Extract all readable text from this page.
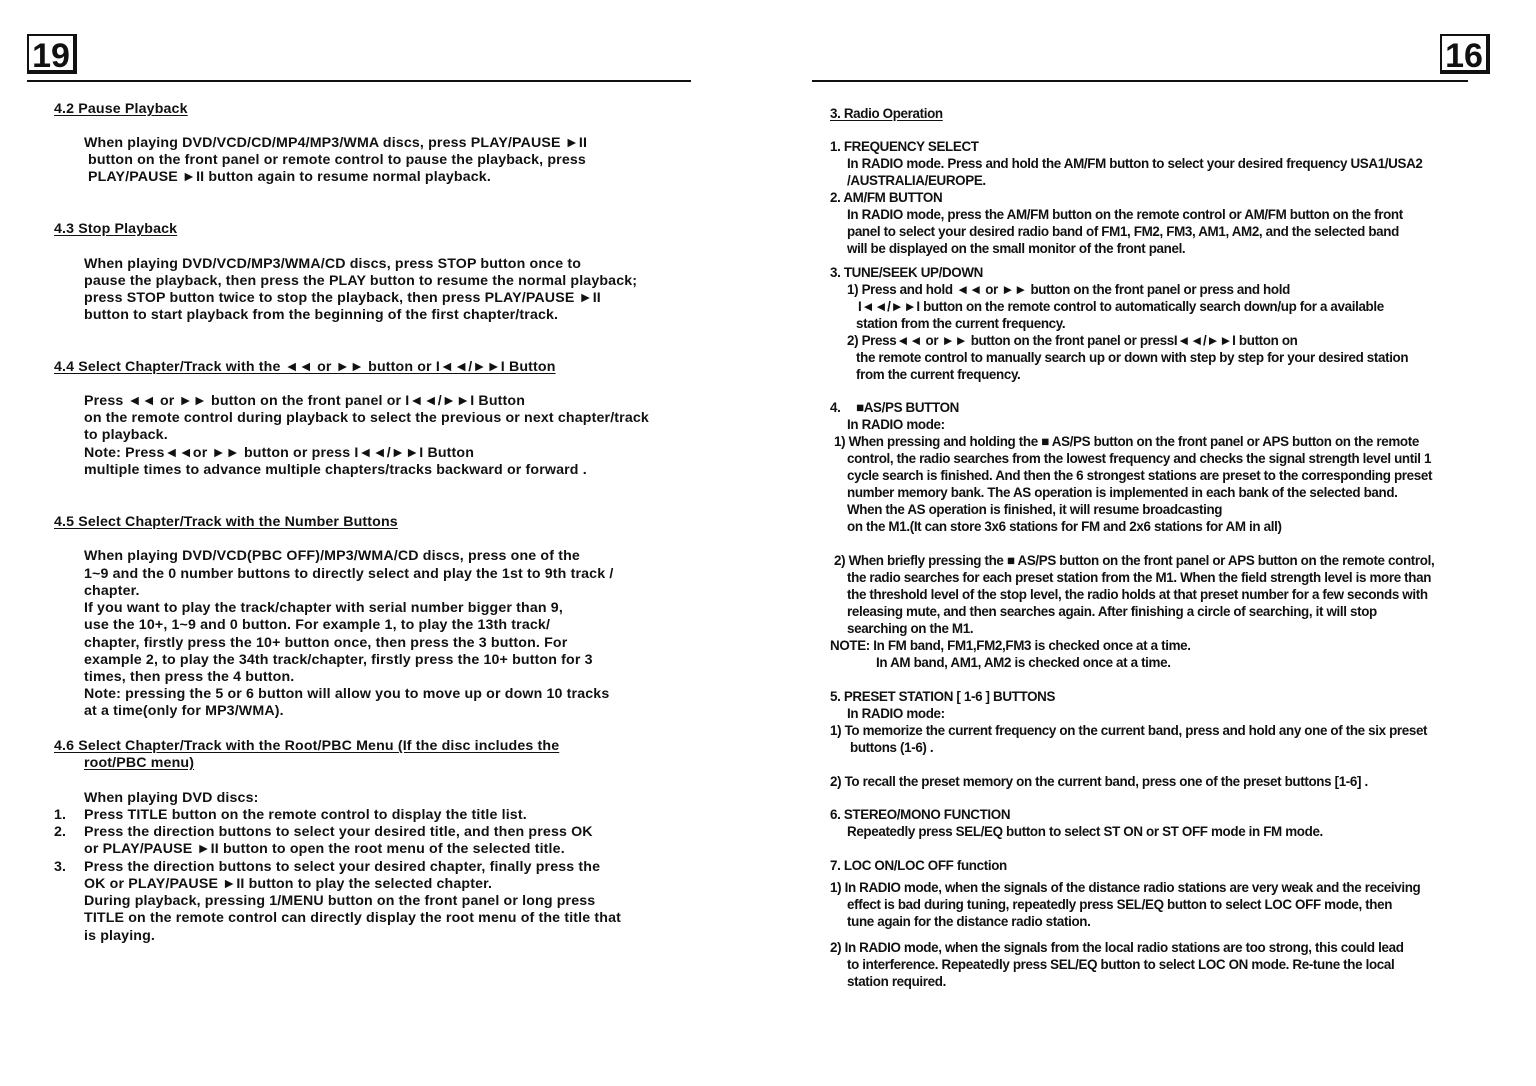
19
4.2 Pause Playback
When playing DVD/VCD/CD/MP4/MP3/WMA discs, press PLAY/PAUSE ►II
button on the front panel or remote control to pause the playback, press
PLAY/PAUSE ►II button again to resume normal playback.
4.3 Stop Playback
When playing DVD/VCD/MP3/WMA/CD discs, press STOP button once to
pause the playback, then press the PLAY button to resume the normal playback;
press STOP button twice to stop the playback, then press PLAY/PAUSE ►II
button to start playback from the beginning of the first chapter/track.
4.4 Select Chapter/Track with the ◄◄ or ►► button or I◄◄/►►I Button
Press ◄◄ or ►► button on the front panel or I◄◄/►►I Button
on the remote control during playback to select the previous or next chapter/track
to playback.
Note: Press◄◄or ►► button or press I◄◄/►►I Button
multiple times to advance multiple chapters/tracks backward or forward .
4.5 Select Chapter/Track with the Number Buttons
When playing DVD/VCD(PBC OFF)/MP3/WMA/CD discs, press one of the
1~9 and the 0 number buttons to directly select and play the 1st to 9th track /
chapter.
If you want to play the track/chapter with serial number bigger than 9,
use the 10+, 1~9 and 0 button. For example 1, to play the 13th track/
chapter, firstly press the 10+ button once, then press the 3 button. For
example 2, to play the 34th track/chapter, firstly press the 10+ button for 3
times, then press the 4 button.
Note: pressing the 5 or 6 button will allow you to move up or down 10 tracks
at a time(only for MP3/WMA).
4.6 Select Chapter/Track with the Root/PBC Menu (If the disc includes the
root/PBC menu)
When playing DVD discs:
1. Press TITLE button on the remote control to display the title list.
2. Press the direction buttons to select your desired title, and then press OK
or PLAY/PAUSE ►II button to open the root menu of the selected title.
3. Press the direction buttons to select your desired chapter, finally press the
OK or PLAY/PAUSE ►II button to play the selected chapter.
During playback, pressing 1/MENU button on the front panel or long press
TITLE on the remote control can directly display the root menu of the title that
is playing.
16
3. Radio Operation
1. FREQUENCY SELECT
In RADIO mode. Press and hold the AM/FM button to select your desired frequency USA1/USA2
/AUSTRALIA/EUROPE.
2. AM/FM BUTTON
In RADIO mode, press the AM/FM button on the remote control or AM/FM button on the front
panel to select your desired radio band of FM1, FM2, FM3, AM1, AM2, and the selected band
will be displayed on the small monitor of the front panel.
3. TUNE/SEEK UP/DOWN
1) Press and hold ◄◄ or ►► button on the front panel or press and hold
I◄◄/►►I button on the remote control to automatically search down/up for a available
station from the current frequency.
2) Press◄◄ or ►► button on the front panel or pressI◄◄/►►I button on
the remote control to manually search up or down with step by step for your desired station
from the current frequency.
4. ■AS/PS BUTTON
In RADIO mode:
1) When pressing and holding the ■ AS/PS button on the front panel or APS button on the remote
control, the radio searches from the lowest frequency and checks the signal strength level until 1
cycle search is finished. And then the 6 strongest stations are preset to the corresponding preset
number memory bank. The AS operation is implemented in each bank of the selected band.
When the AS operation is finished, it will resume broadcasting
on the M1.(It can store 3x6 stations for FM and 2x6 stations for AM in all)
2) When briefly pressing the ■ AS/PS button on the front panel or APS button on the remote control,
the radio searches for each preset station from the M1. When the field strength level is more than
the threshold level of the stop level, the radio holds at that preset number for a few seconds with
releasing mute, and then searches again. After finishing a circle of searching, it will stop
searching on the M1.
NOTE: In FM band, FM1,FM2,FM3 is checked once at a time.
In AM band, AM1, AM2 is checked once at a time.
5. PRESET STATION [ 1-6 ] BUTTONS
In RADIO mode:
1) To memorize the current frequency on the current band, press and hold any one of the six preset
buttons (1-6) .
2) To recall the preset memory on the current band, press one of the preset buttons [1-6] .
6. STEREO/MONO FUNCTION
Repeatedly press SEL/EQ button to select ST ON or ST OFF mode in FM mode.
7. LOC ON/LOC OFF function
1) In RADIO mode, when the signals of the distance radio stations are very weak and the receiving
effect is bad during tuning, repeatedly press SEL/EQ button to select LOC OFF mode, then
tune again for the distance radio station.
2) In RADIO mode, when the signals from the local radio stations are too strong, this could lead
to interference. Repeatedly press SEL/EQ button to select LOC ON mode. Re-tune the local
station required.
